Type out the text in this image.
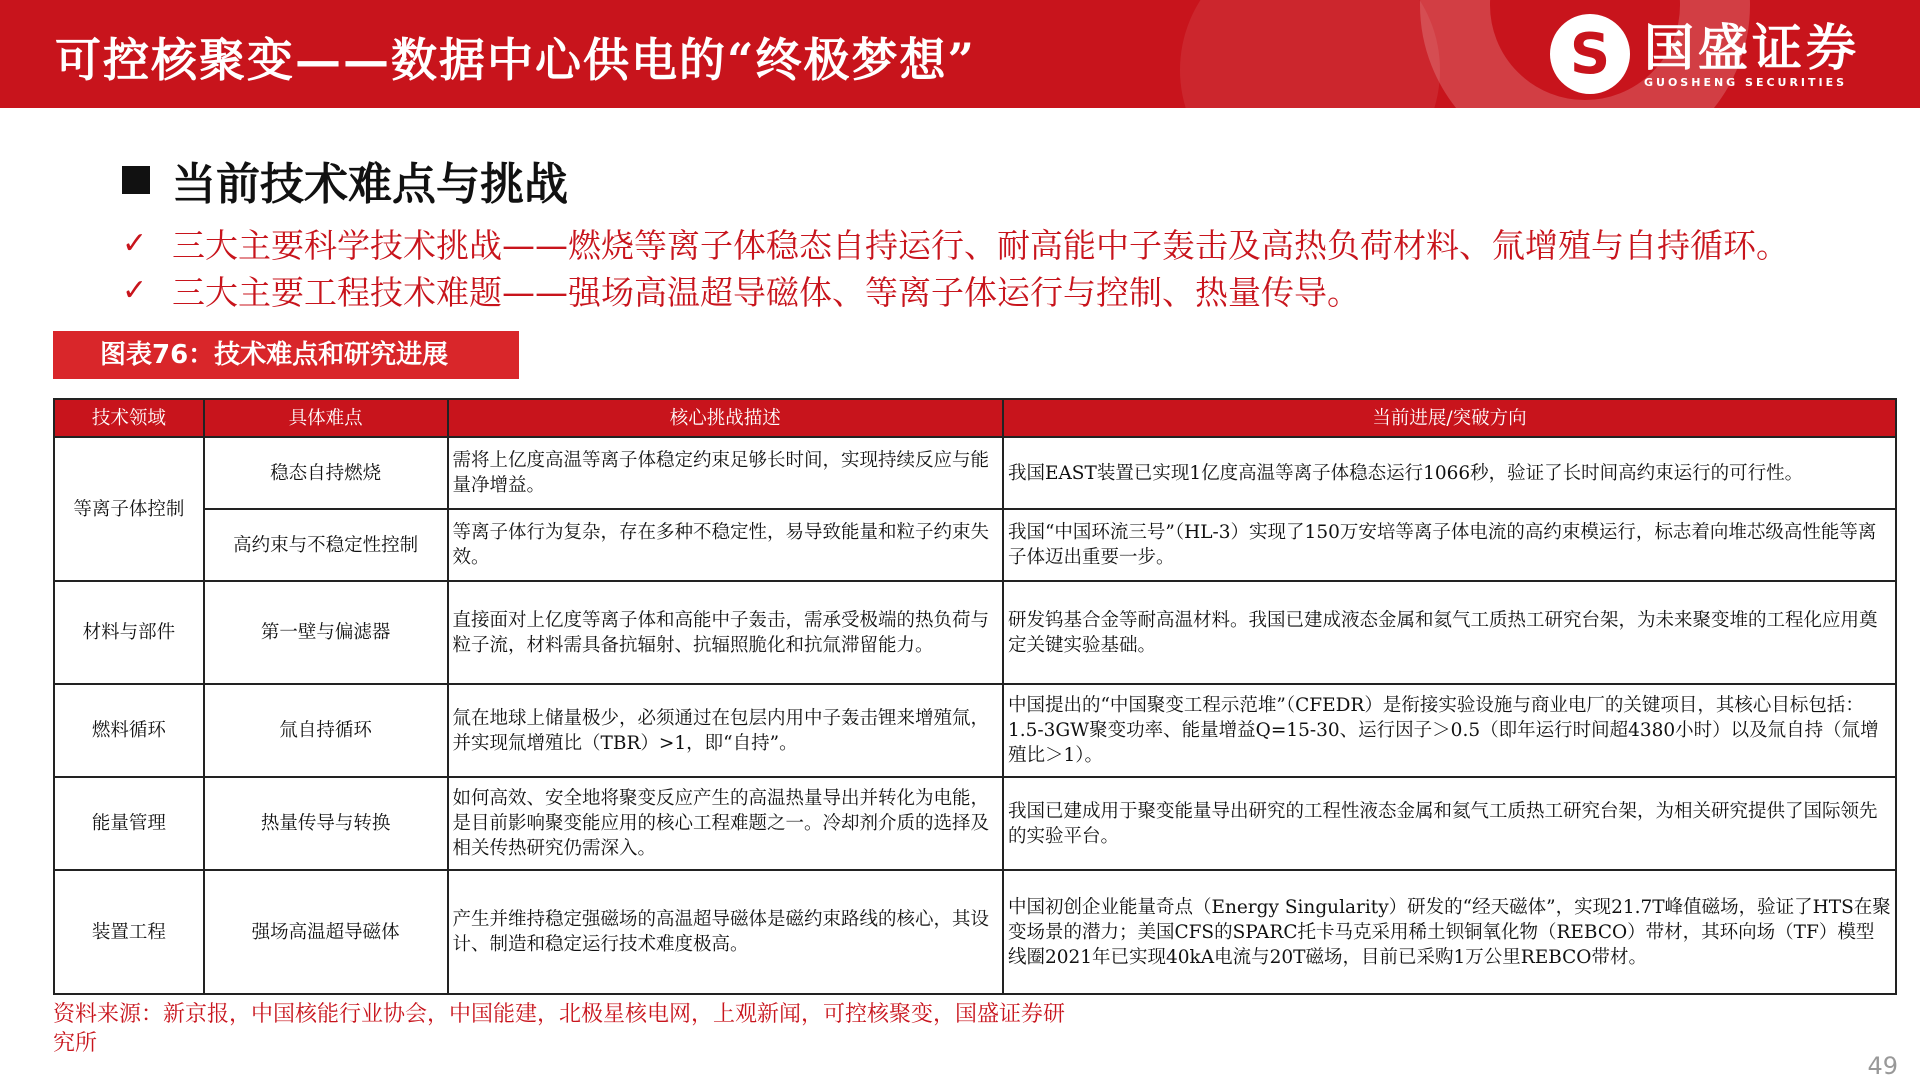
可控核聚变——数据中心供电的“终极梦想”	S 国盛证券
GUOSHENG SECURITIES
当前技术难点与挑战
✓ 三大主要科学技术挑战——燃烧等离子体稳态自持运行、耐高能中子轰击及高热负荷材料、氚增殖与自持循环。
✓ 三大主要工程技术难题——强场高温超导磁体、等离子体运行与控制、热量传导。
图表76：技术难点和研究进展
技术领域	具体难点	核心挑战描述	当前进展/突破方向
等离子体控制	稳态自持燃烧	需将上亿度高温等离子体稳定约束足够长时间，实现持续反应与能量净增益。	我国EAST装置已实现1亿度高温等离子体稳态运行1066秒，验证了长时间高约束运行的可行性。
	高约束与不稳定性控制	等离子体行为复杂，存在多种不稳定性，易导致能量和粒子约束失效。	我国“中国环流三号”（HL-3）实现了150万安培等离子体电流的高约束模运行，标志着向堆芯级高性能等离子体迈出重要一步。
材料与部件	第一壁与偏滤器	直接面对上亿度等离子体和高能中子轰击，需承受极端的热负荷与粒子流，材料需具备抗辐射、抗辐照脆化和抗氚滞留能力。	研发钨基合金等耐高温材料。我国已建成液态金属和氦气工质热工研究台架，为未来聚变堆的工程化应用奠定关键实验基础。
燃料循环	氚自持循环	氚在地球上储量极少，必须通过在包层内用中子轰击锂来增殖氚，并实现氚增殖比（TBR）>1，即“自持”。	中国提出的“中国聚变工程示范堆”（CFEDR）是衔接实验设施与商业电厂的关键项目，其核心目标包括：1.5-3GW聚变功率、能量增益Q=15-30、运行因子＞0.5（即年运行时间超4380小时）以及氚自持（氚增殖比＞1）。
能量管理	热量传导与转换	如何高效、安全地将聚变反应产生的高温热量导出并转化为电能，是目前影响聚变能应用的核心工程难题之一。冷却剂介质的选择及相关传热研究仍需深入。	我国已建成用于聚变能量导出研究的工程性液态金属和氦气工质热工研究台架，为相关研究提供了国际领先的实验平台。
装置工程	强场高温超导磁体	产生并维持稳定强磁场的高温超导磁体是磁约束路线的核心，其设计、制造和稳定运行技术难度极高。	中国初创企业能量奇点（Energy Singularity）研发的“经天磁体”，实现21.7T峰值磁场，验证了HTS在聚变场景的潜力；美国CFS的SPARC托卡马克采用稀土钡铜氧化物（REBCO）带材，其环向场（TF）模型线圈2021年已实现40kA电流与20T磁场，目前已采购1万公里REBCO带材。
资料来源：新京报，中国核能行业协会，中国能建，北极星核电网，上观新闻，可控核聚变，国盛证券研究所
49
